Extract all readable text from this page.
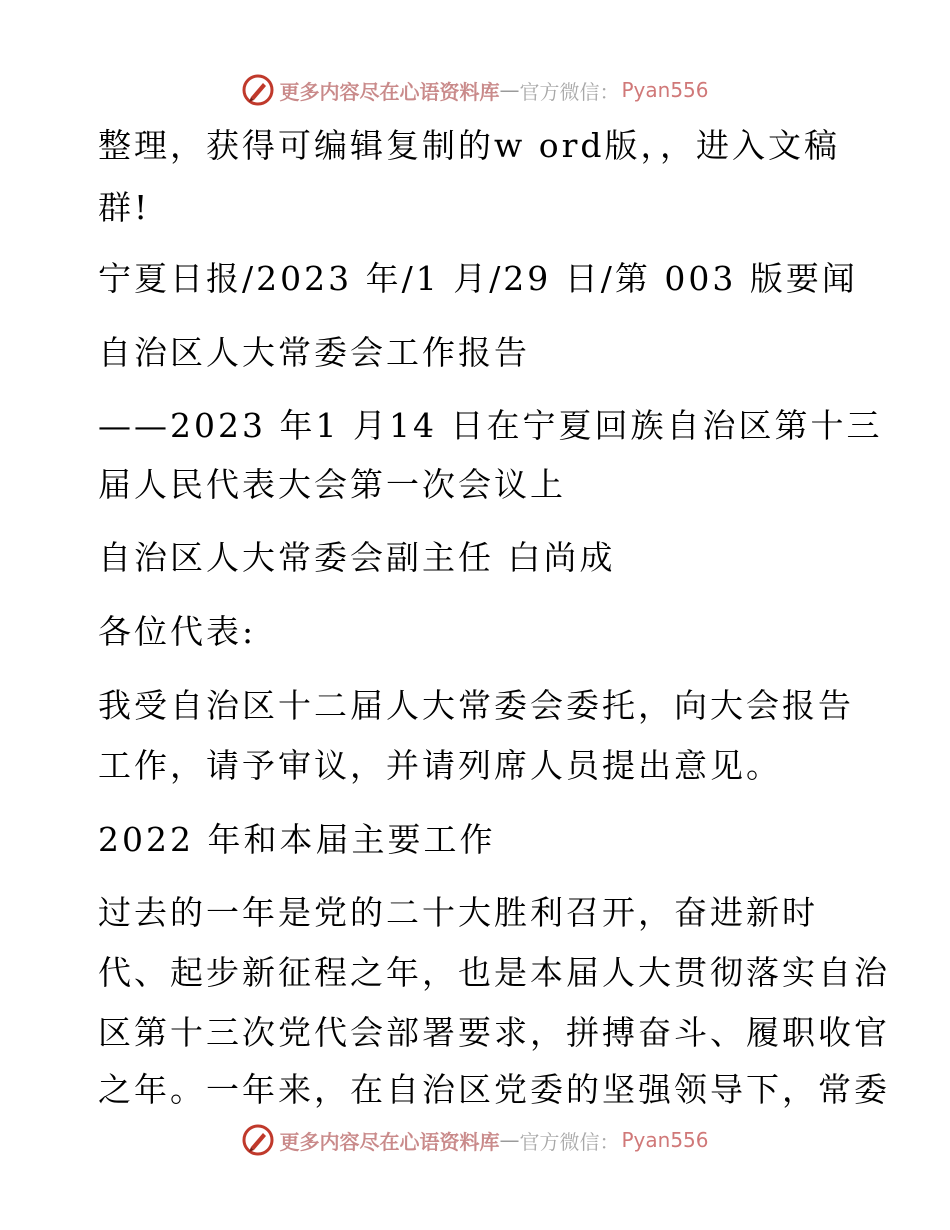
更多内容尽在心语资料库 — 官方微信： Pyan556
整理，获得可编辑复制的w ord版，，进入文稿
群!
宁夏日报/2023 年/1 月/29 日/第 003 版要闻
自治区人大常委会工作报告
——2023 年1 月14 日在宁夏回族自治区第十三
届人民代表大会第一次会议上
自治区人大常委会副主任 白尚成
各位代表:
我受自治区十二届人大常委会委托，向大会报告
工作，请予审议，并请列席人员提出意见。
2022 年和本届主要工作
过去的一年是党的二十大胜利召开，奋进新时
代、起步新征程之年，也是本届人大贯彻落实自治
区第十三次党代会部署要求，拼搏奋斗、履职收官
之年。一年来，在自治区党委的坚强领导下，常委
更多内容尽在心语资料库 — 官方微信： Pyan556
